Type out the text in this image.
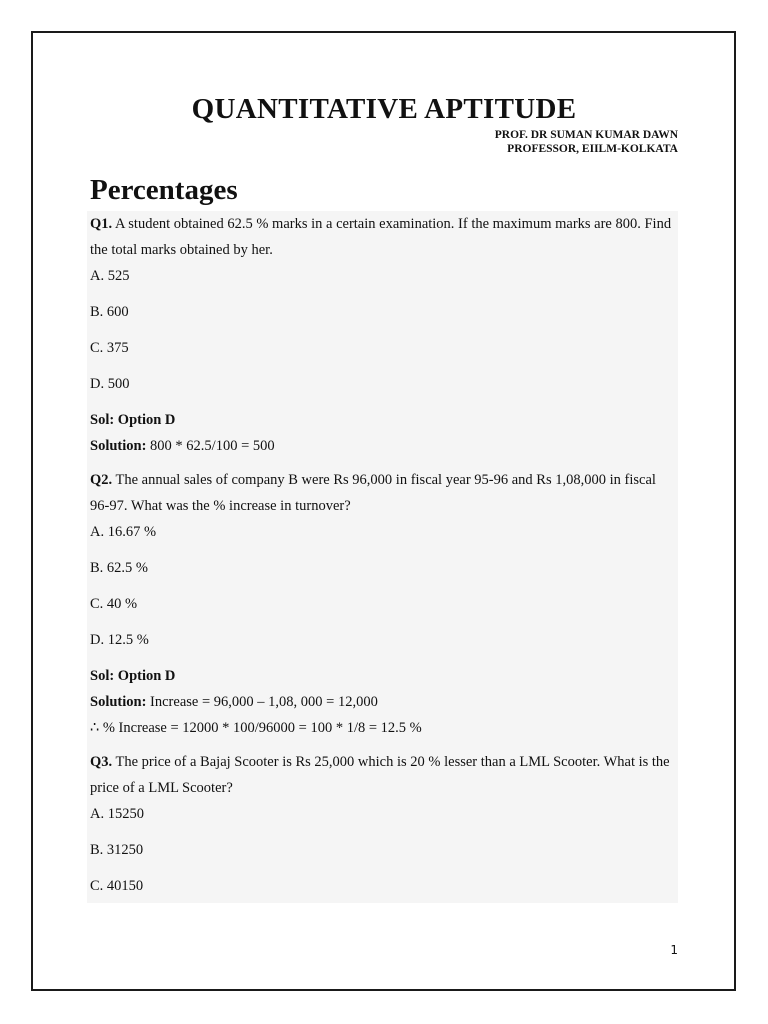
QUANTITATIVE APTITUDE
PROF. DR SUMAN KUMAR DAWN
PROFESSOR, EIILM-KOLKATA
Percentages

Q1. A student obtained 62.5 % marks in a certain examination. If the maximum marks are 800. Find the total marks obtained by her.

A. 525

B. 600

C. 375

D. 500

Sol: Option D

Solution: 800 * 62.5/100 = 500

Q2. The annual sales of company B were Rs 96,000 in fiscal year 95-96 and Rs 1,08,000 in fiscal 96-97. What was the % increase in turnover?

A. 16.67 %

B. 62.5 %

C. 40 %

D. 12.5 %

Sol: Option D

Solution: Increase = 96,000 – 1,08, 000 = 12,000

∴ % Increase = 12000 * 100/96000 = 100 * 1/8 = 12.5 %

Q3. The price of a Bajaj Scooter is Rs 25,000 which is 20 % lesser than a LML Scooter. What is the price of a LML Scooter?

A. 15250

B. 31250

C. 40150

1
